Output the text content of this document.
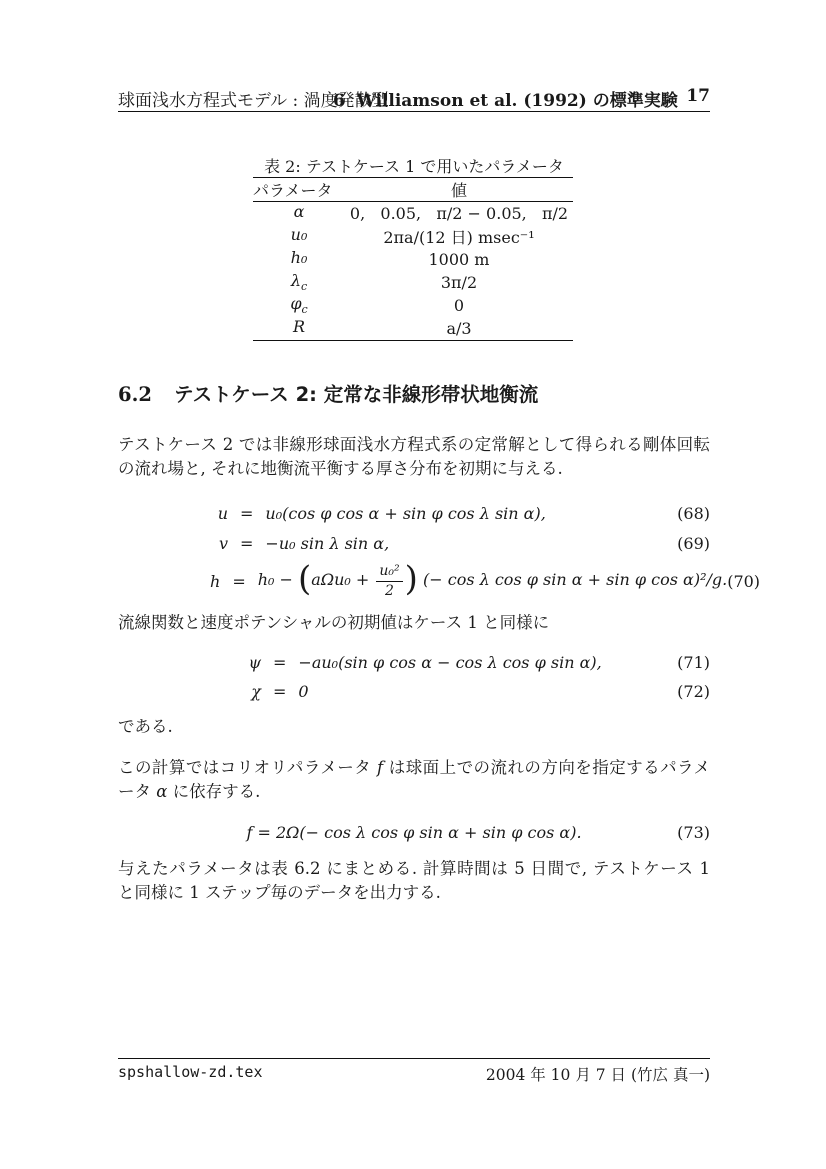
球面浅水方程式モデル : 渦度発散型
6  Williamson et al. (1992) の標準実験 17
表 2: テストケース 1 で用いたパラメータ
パラメータ	値
α	0,   0.05,   π/2 − 0.05,   π/2
u₀	2πa/(12 日) msec⁻¹
h₀	1000 m
$\lambda_c$	3π/2
$\varphi_c$	0
R	a/3
6.2 テストケース 2: 定常な非線形帯状地衡流
テストケース 2 では非線形球面浅水方程式系の定常解として得られる剛体回転の流れ場と, それに地衡流平衡する厚さ分布を初期に与える.
u = u₀(cos φ cos α + sin φ cos λ sin α),	(68)
v = −u₀ sin λ sin α,	(69)
$h = h_0 - (a\Omega u_0 + \frac{\text{u₀²}}{2}$ ) (− cos λ cos φ sin α + sin φ cos α)²/g. (70)
流線関数と速度ポテンシャルの初期値はケース 1 と同様に
ψ = −au₀(sin φ cos α − cos λ cos φ sin α),	(71)
χ = 0	(72)
である.
この計算ではコリオリパラメータ f は球面上での流れの方向を指定するパラメータ α に依存する.
f = 2Ω(− cos λ cos φ sin α + sin φ cos α).	(73)
与えたパラメータは表 6.2 にまとめる. 計算時間は 5 日間で, テストケース 1 と同様に 1 ステップ毎のデータを出力する.
spshallow-zd.tex	2004 年 10 月 7 日 (竹広 真一)
